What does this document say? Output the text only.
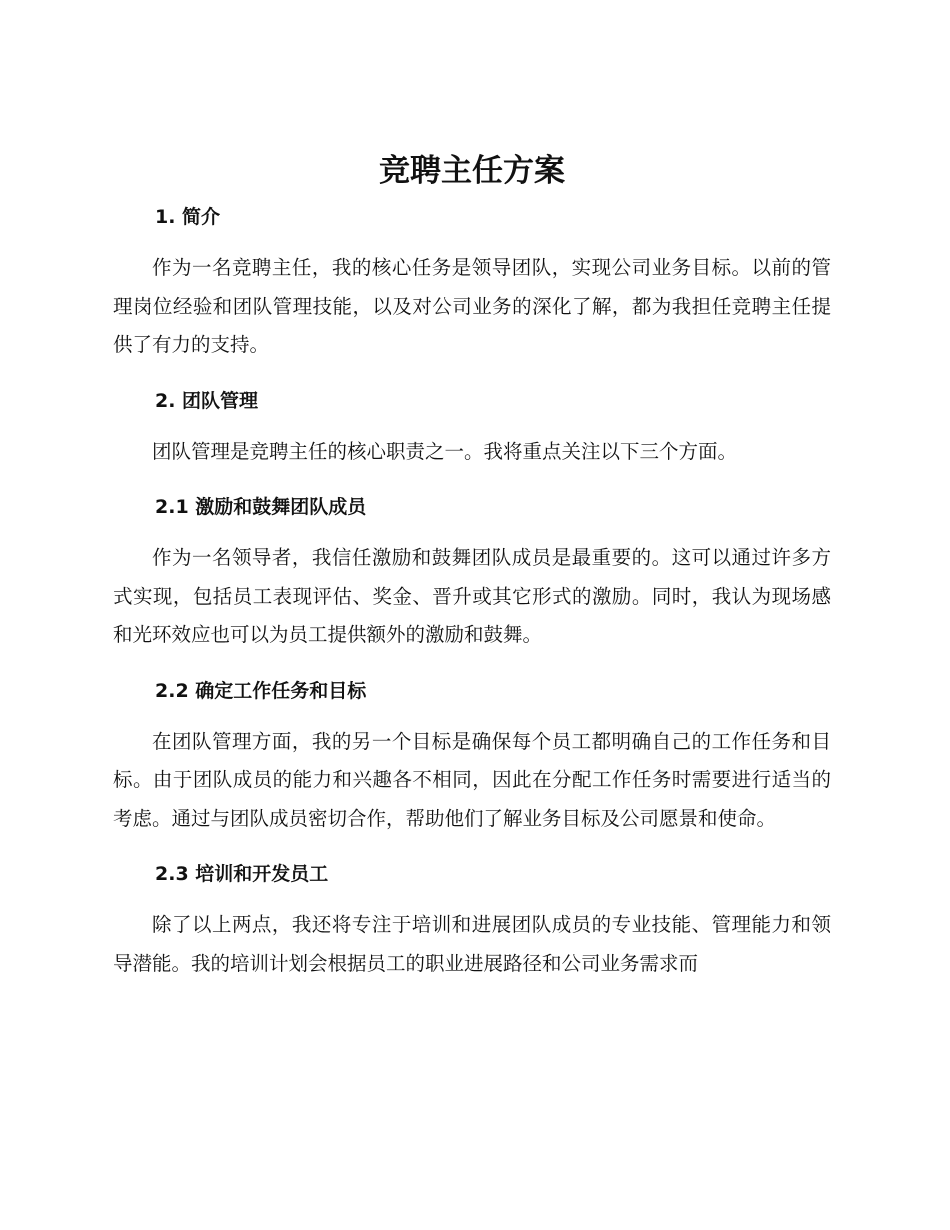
竞聘主任方案
1. 简介

作为一名竞聘主任，我的核心任务是领导团队，实现公司业务目标。以前的管理岗位经验和团队管理技能，以及对公司业务的深化了解，都为我担任竞聘主任提供了有力的支持。

2. 团队管理

团队管理是竞聘主任的核心职责之一。我将重点关注以下三个方面。

2.1 激励和鼓舞团队成员

作为一名领导者，我信任激励和鼓舞团队成员是最重要的。这可以通过许多方式实现，包括员工表现评估、奖金、晋升或其它形式的激励。同时，我认为现场感和光环效应也可以为员工提供额外的激励和鼓舞。

2.2 确定工作任务和目标

在团队管理方面，我的另一个目标是确保每个员工都明确自己的工作任务和目标。由于团队成员的能力和兴趣各不相同，因此在分配工作任务时需要进行适当的考虑。通过与团队成员密切合作，帮助他们了解业务目标及公司愿景和使命。

2.3 培训和开发员工

除了以上两点，我还将专注于培训和进展团队成员的专业技能、管理能力和领导潜能。我的培训计划会根据员工的职业进展路径和公司业务需求而
